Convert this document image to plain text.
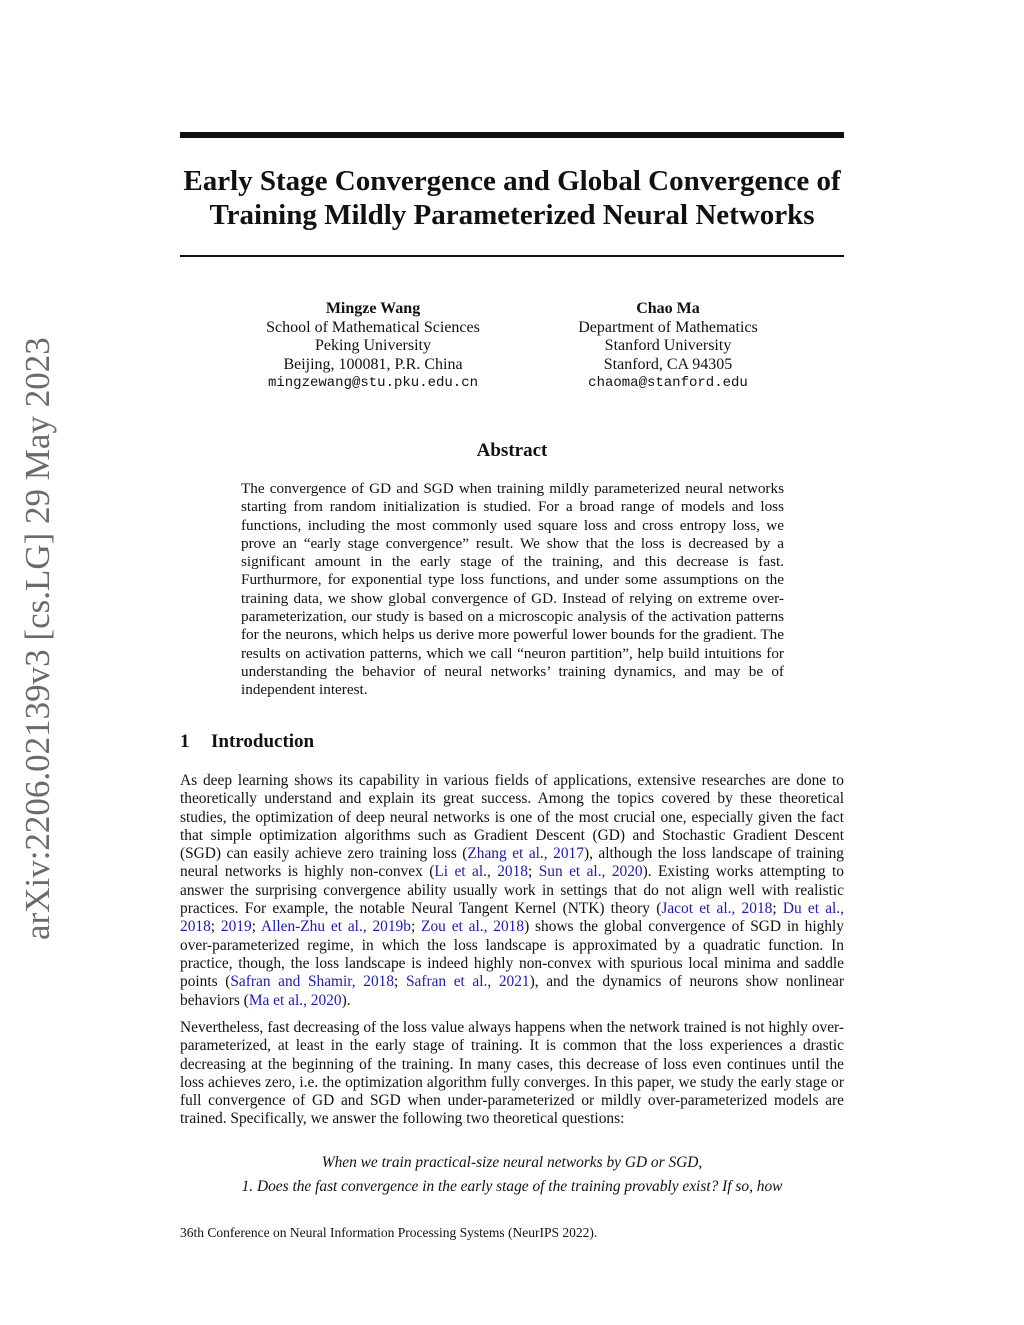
arXiv:2206.02139v3 [cs.LG] 29 May 2023
Early Stage Convergence and Global Convergence of Training Mildly Parameterized Neural Networks
Mingze Wang
School of Mathematical Sciences
Peking University
Beijing, 100081, P.R. China
mingzewang@stu.pku.edu.cn
Chao Ma
Department of Mathematics
Stanford University
Stanford, CA 94305
chaoma@stanford.edu
Abstract

The convergence of GD and SGD when training mildly parameterized neural networks starting from random initialization is studied. For a broad range of models and loss functions, including the most commonly used square loss and cross entropy loss, we prove an “early stage convergence” result. We show that the loss is decreased by a significant amount in the early stage of the training, and this decrease is fast. Furthurmore, for exponential type loss functions, and under some assumptions on the training data, we show global convergence of GD. Instead of relying on extreme over-parameterization, our study is based on a microscopic analysis of the activation patterns for the neurons, which helps us derive more powerful lower bounds for the gradient. The results on activation patterns, which we call “neuron partition”, help build intuitions for understanding the behavior of neural networks’ training dynamics, and may be of independent interest.

1 Introduction

As deep learning shows its capability in various fields of applications, extensive researches are done to theoretically understand and explain its great success. Among the topics covered by these theoretical studies, the optimization of deep neural networks is one of the most crucial one, especially given the fact that simple optimization algorithms such as Gradient Descent (GD) and Stochastic Gradient Descent (SGD) can easily achieve zero training loss (Zhang et al., 2017), although the loss landscape of training neural networks is highly non-convex (Li et al., 2018; Sun et al., 2020). Existing works attempting to answer the surprising convergence ability usually work in settings that do not align well with realistic practices. For example, the notable Neural Tangent Kernel (NTK) theory (Jacot et al., 2018; Du et al., 2018; 2019; Allen-Zhu et al., 2019b; Zou et al., 2018) shows the global convergence of SGD in highly over-parameterized regime, in which the loss landscape is approximated by a quadratic function. In practice, though, the loss landscape is indeed highly non-convex with spurious local minima and saddle points (Safran and Shamir, 2018; Safran et al., 2021), and the dynamics of neurons show nonlinear behaviors (Ma et al., 2020).

Nevertheless, fast decreasing of the loss value always happens when the network trained is not highly over-parameterized, at least in the early stage of training. It is common that the loss experiences a drastic decreasing at the beginning of the training. In many cases, this decrease of loss even continues until the loss achieves zero, i.e. the optimization algorithm fully converges. In this paper, we study the early stage or full convergence of GD and SGD when under-parameterized or mildly over-parameterized models are trained. Specifically, we answer the following two theoretical questions:

When we train practical-size neural networks by GD or SGD,

1. Does the fast convergence in the early stage of the training provably exist? If so, how

36th Conference on Neural Information Processing Systems (NeurIPS 2022).
